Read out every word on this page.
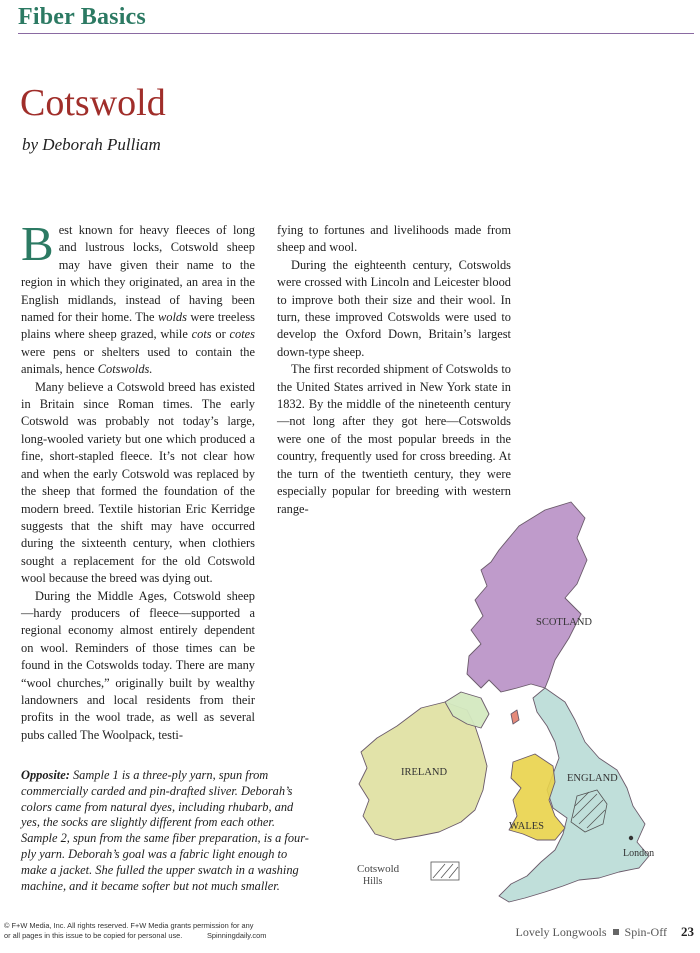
Fiber Basics
Cotswold
by Deborah Pulliam

Best known for heavy fleeces of long and lustrous locks, Cotswold sheep may have given their name to the region in which they originated, an area in the English midlands, instead of having been named for their home. The wolds were treeless plains where sheep grazed, while cots or cotes were pens or shelters used to contain the animals, hence Cotswolds.

Many believe a Cotswold breed has existed in Britain since Roman times. The early Cotswold was probably not today’s large, long-wooled variety but one which produced a fine, short-stapled fleece. It’s not clear how and when the early Cotswold was replaced by the sheep that formed the foundation of the modern breed. Textile historian Eric Kerridge suggests that the shift may have occurred during the sixteenth century, when clothiers sought a replacement for the old Cotswold wool because the breed was dying out.

During the Middle Ages, Cotswold sheep —hardy producers of fleece—supported a regional economy almost entirely dependent on wool. Reminders of those times can be found in the Cotswolds today. There are many “wool churches,” originally built by wealthy landowners and local residents from their profits in the wool trade, as well as several pubs called The Woolpack, testi-

fying to fortunes and livelihoods made from sheep and wool.

During the eighteenth century, Cotswolds were crossed with Lincoln and Leicester blood to improve both their size and their wool. In turn, these improved Cotswolds were used to develop the Oxford Down, Britain’s largest down-type sheep.

The first recorded shipment of Cotswolds to the United States arrived in New York state in 1832. By the middle of the nineteenth century—not long after they got here—Cotswolds were one of the most popular breeds in the country, frequently used for cross breeding. At the turn of the twentieth century, they were especially popular for breeding with western range-

Opposite: Sample 1 is a three-ply yarn, spun from commercially carded and pin-drafted sliver. Deborah’s colors came from natural dyes, including rhubarb, and yes, the socks are slightly different from each other. Sample 2, spun from the same fiber preparation, is a four-ply yarn. Deborah’s goal was a fabric light enough to make a jacket. She fulled the upper swatch in a washing machine, and it became softer but not much smaller.
SCOTLAND
IRELAND
ENGLAND
WALES
London
Cotswold
Hills
© F+W Media, Inc. All rights reserved. F+W Media grants permission for any
or all pages in this issue to be copied for personal use.	Spinningdaily.com	Lovely Longwools Spin-Off	23
